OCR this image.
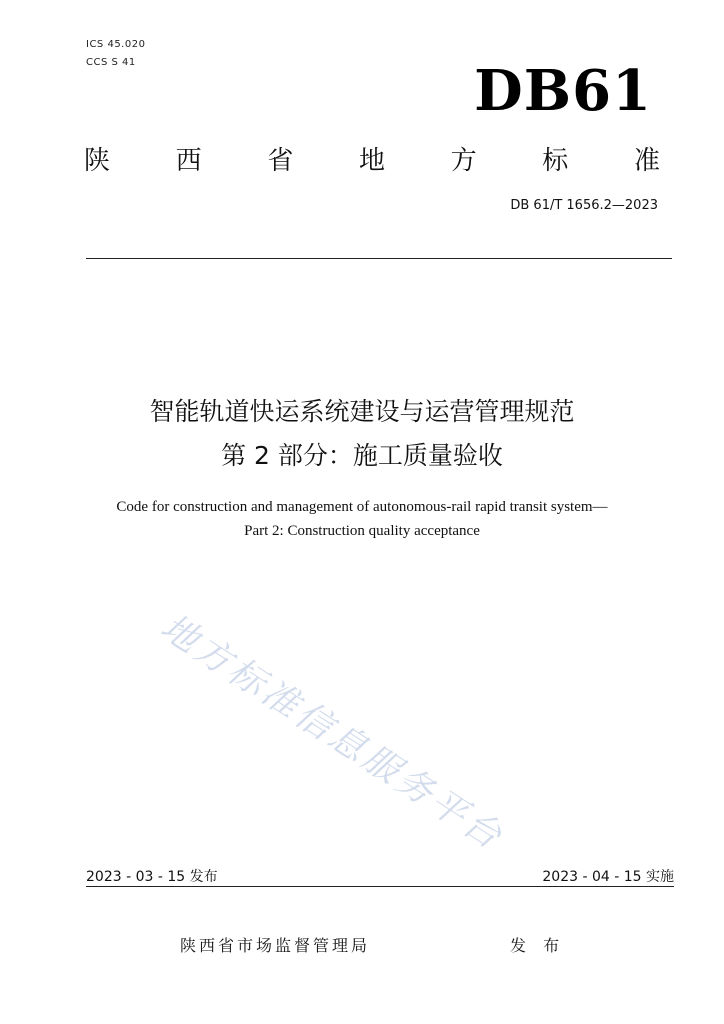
ICS 45.020
CCS S 41	DB61
陕	西	省	地	方	标	准
DB 61/T 1656.2—2023
智能轨道快运系统建设与运营管理规范
第 2 部分：施工质量验收
Code for construction and management of autonomous-rail rapid transit system—
Part 2: Construction quality acceptance
地方标准信息服务平台
2023 - 03 - 15 发布	2023 - 04 - 15 实施
陕西省市场监督管理局	发 布
